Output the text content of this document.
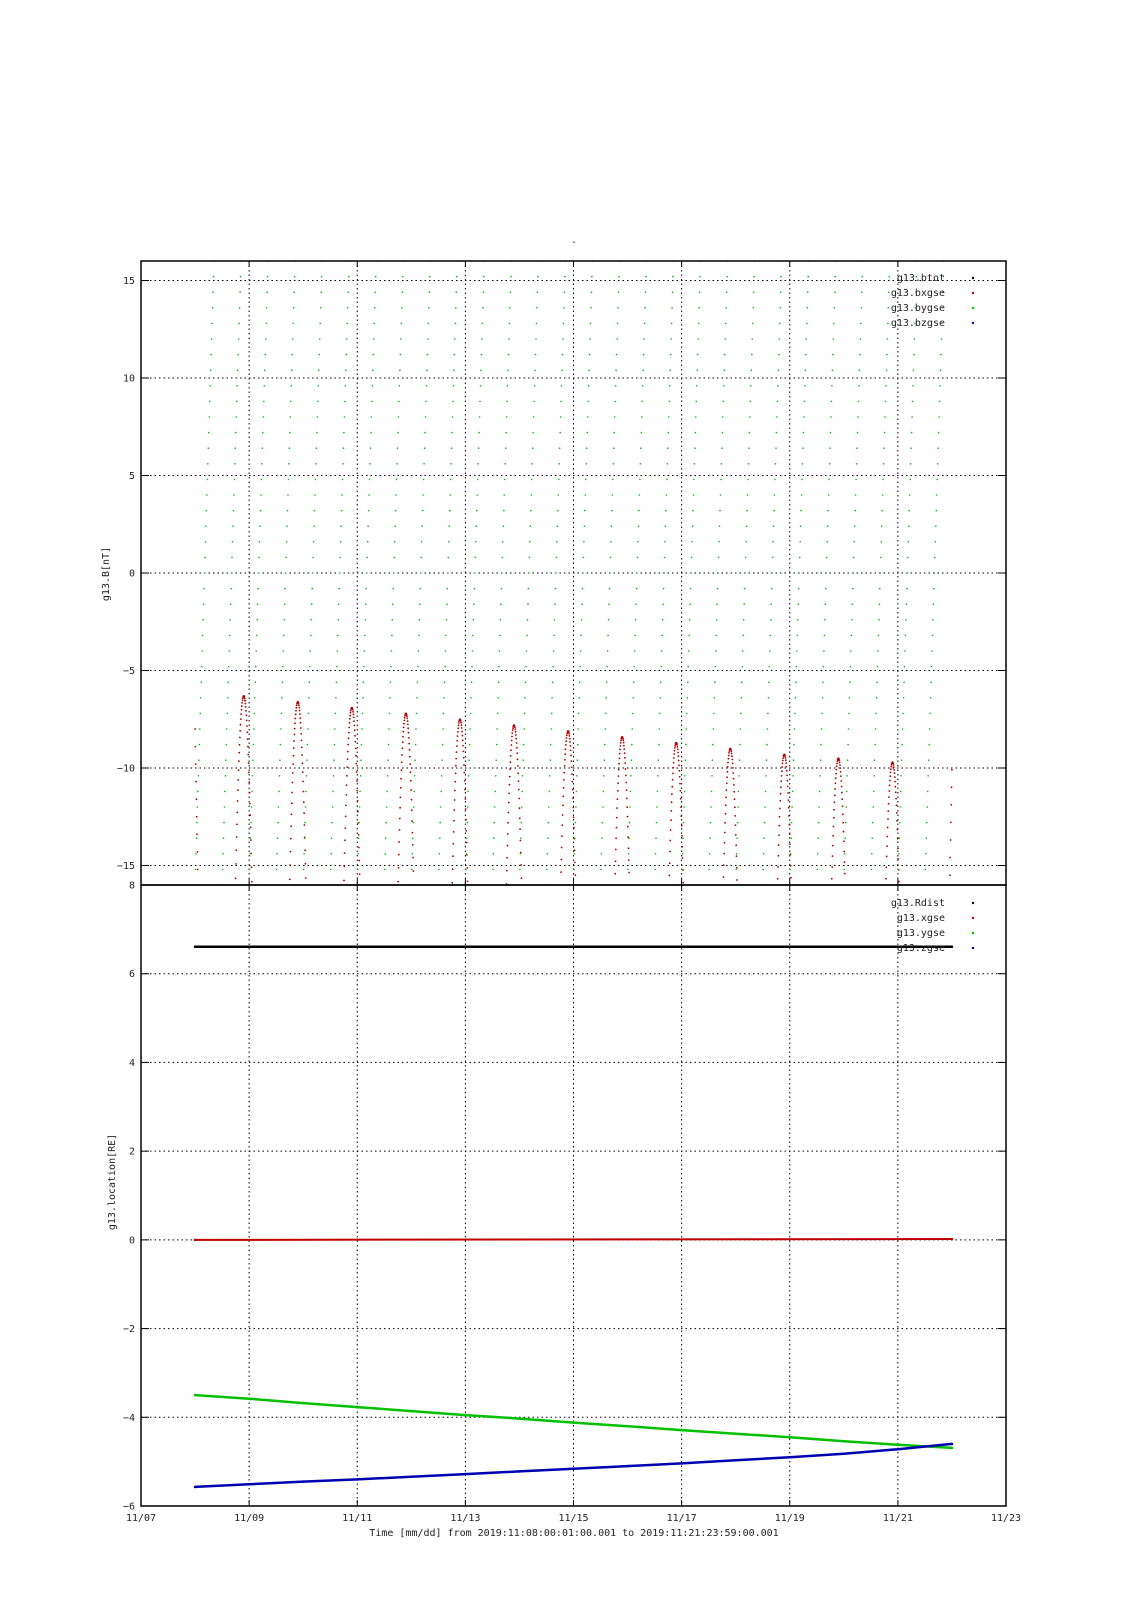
-
−15
−10
−5
0
5
10
15
g13.B[nT]
g13.btot
g13.bxgse
g13.bygse
g13.bzgse
−6
−4
−2
0
2
4
6
8
g13.location[RE]
g13.Rdist
g13.xgse
g13.ygse
g13.zgse
11/07	11/09	11/11	11/13	11/15	11/17	11/19	11/21	11/23
Time [mm/dd] from 2019:11:08:00:01:00.001 to 2019:11:21:23:59:00.001
